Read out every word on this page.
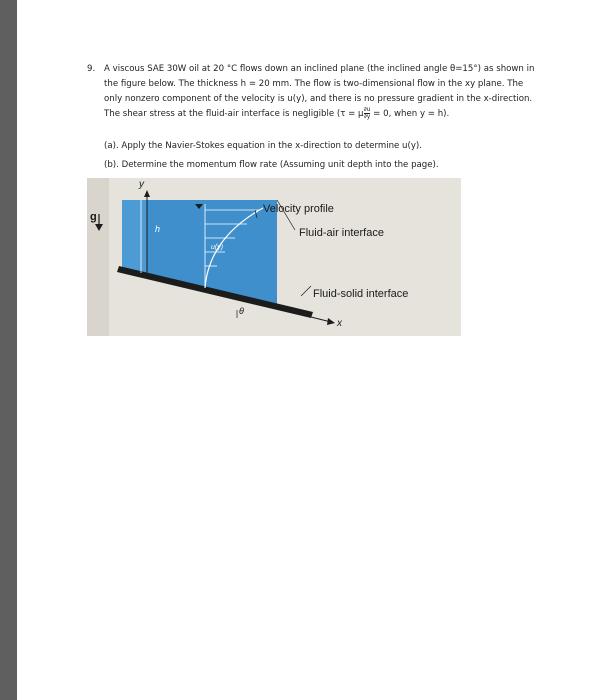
9. A viscous SAE 30W oil at 20 °C flows down an inclined plane (the inclined angle θ=15°) as shown in
the figure below. The thickness h = 20 mm. The flow is two-dimensional flow in the xy plane. The
only nonzero component of the velocity is u(y), and there is no pressure gradient in the x-direction.
The shear stress at the fluid-air interface is negligible (τ = μ $\frac{\partial u}{\partial y} = 0$, when y = h).
(a). Apply the Navier-Stokes equation in the x-direction to determine u(y).
(b). Determine the momentum flow rate (Assuming unit depth into the page).
g
y
h
u(y)
θ
x
Velocity profile
Fluid-air interface
Fluid-solid interface
